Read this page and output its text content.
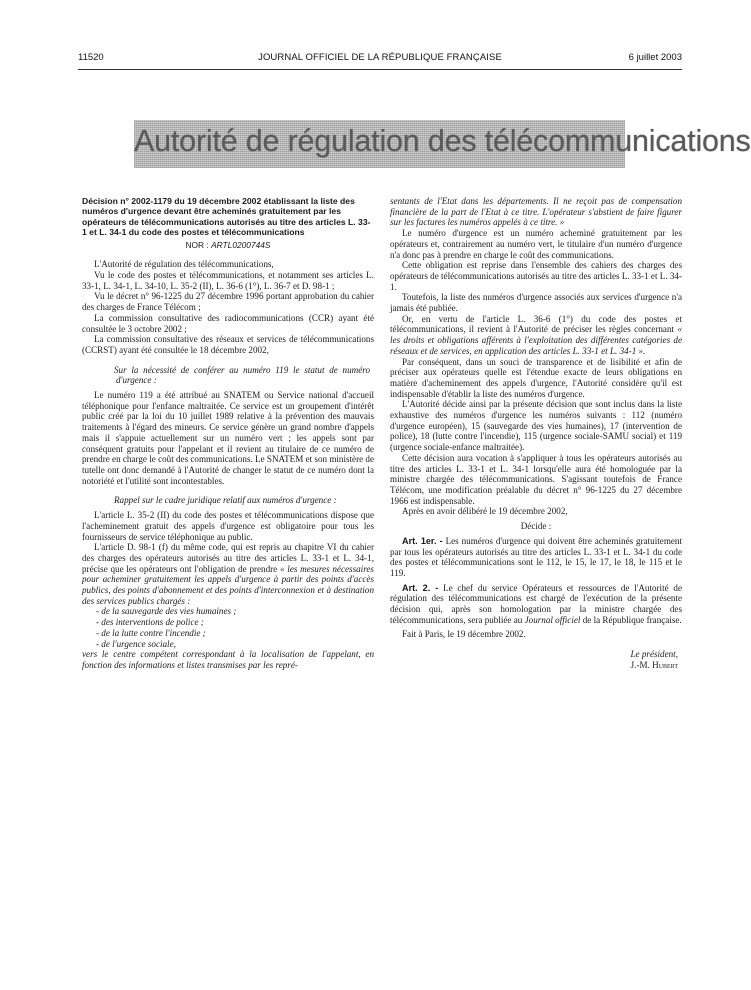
11520	JOURNAL OFFICIEL DE LA RÉPUBLIQUE FRANÇAISE	6 juillet 2003
Autorité de régulation des télécommunications
Décision n° 2002-1179 du 19 décembre 2002 établissant la liste des numéros d'urgence devant être acheminés gratuitement par les opérateurs de télécommunications autorisés au titre des articles L. 33-1 et L. 34-1 du code des postes et télécommunications
NOR : ARTL0200744S

L'Autorité de régulation des télécommunications,

Vu le code des postes et télécommunications, et notamment ses articles L. 33-1, L. 34-1, L. 34-10, L. 35-2 (II), L. 36-6 (1°), L. 36-7 et D. 98-1 ;

Vu le décret n° 96-1225 du 27 décembre 1996 portant approbation du cahier des charges de France Télécom ;

La commission consultative des radiocommunications (CCR) ayant été consultée le 3 octobre 2002 ;

La commission consultative des réseaux et services de télécommunications (CCRST) ayant été consultée le 18 décembre 2002,

Sur la nécessité de conférer au numéro 119 le statut de numéro d'urgence :

Le numéro 119 a été attribué au SNATEM ou Service national d'accueil téléphonique pour l'enfance maltraitée. Ce service est un groupement d'intérêt public créé par la loi du 10 juillet 1989 relative à la prévention des mauvais traitements à l'égard des mineurs. Ce service génère un grand nombre d'appels mais il s'appuie actuellement sur un numéro vert ; les appels sont par conséquent gratuits pour l'appelant et il revient au titulaire de ce numéro de prendre en charge le coût des communications. Le SNATEM et son ministère de tutelle ont donc demandé à l'Autorité de changer le statut de ce numéro dont la notoriété et l'utilité sont incontestables.

Rappel sur le cadre juridique relatif aux numéros d'urgence :

L'article L. 35-2 (II) du code des postes et télécommunications dispose que l'acheminement gratuit des appels d'urgence est obligatoire pour tous les fournisseurs de service téléphonique au public.

L'article D. 98-1 (f) du même code, qui est repris au chapitre VI du cahier des charges des opérateurs autorisés au titre des articles L. 33-1 et L. 34-1, précise que les opérateurs ont l'obligation de prendre « les mesures nécessaires pour acheminer gratuitement les appels d'urgence à partir des points d'accès publics, des points d'abonnement et des points d'interconnexion et à destination des services publics chargés :

- de la sauvegarde des vies humaines ;

- des interventions de police ;

- de la lutte contre l'incendie ;

- de l'urgence sociale,

vers le centre compétent correspondant à la localisation de l'appelant, en fonction des informations et listes transmises par les repré-

sentants de l'Etat dans les départements. Il ne reçoit pas de compensation financière de la part de l'Etat à ce titre. L'opérateur s'abstient de faire figurer sur les factures les numéros appelés à ce titre. »

Le numéro d'urgence est un numéro acheminé gratuitement par les opérateurs et, contrairement au numéro vert, le titulaire d'un numéro d'urgence n'a donc pas à prendre en charge le coût des communications.

Cette obligation est reprise dans l'ensemble des cahiers des charges des opérateurs de télécommunications autorisés au titre des articles L. 33-1 et L. 34-1.

Toutefois, la liste des numéros d'urgence associés aux services d'urgence n'a jamais été publiée.

Or, en vertu de l'article L. 36-6 (1°) du code des postes et télécommunications, il revient à l'Autorité de préciser les règles concernant « les droits et obligations afférents à l'exploitation des différentes catégories de réseaux et de services, en application des articles L. 33-1 et L. 34-1 ».

Par conséquent, dans un souci de transparence et de lisibilité et afin de préciser aux opérateurs quelle est l'étendue exacte de leurs obligations en matière d'acheminement des appels d'urgence, l'Autorité considère qu'il est indispensable d'établir la liste des numéros d'urgence.

L'Autorité décide ainsi par la présente décision que sont inclus dans la liste exhaustive des numéros d'urgence les numéros suivants : 112 (numéro d'urgence européen), 15 (sauvegarde des vies humaines), 17 (intervention de police), 18 (lutte contre l'incendie), 115 (urgence sociale-SAMU social) et 119 (urgence sociale-enfance maltraitée).

Cette décision aura vocation à s'appliquer à tous les opérateurs autorisés au titre des articles L. 33-1 et L. 34-1 lorsqu'elle aura été homologuée par la ministre chargée des télécommunications. S'agissant toutefois de France Télécom, une modification préalable du décret n° 96-1225 du 27 décembre 1966 est indispensable.

Après en avoir délibéré le 19 décembre 2002,

Décide :

Art. 1er. - Les numéros d'urgence qui doivent être acheminés gratuitement par tous les opérateurs autorisés au titre des articles L. 33-1 et L. 34-1 du code des postes et télécommunications sont le 112, le 15, le 17, le 18, le 115 et le 119.

Art. 2. - Le chef du service Opérateurs et ressources de l'Autorité de régulation des télécommunications est chargé de l'exécution de la présente décision qui, après son homologation par la ministre chargée des télécommunications, sera publiée au Journal officiel de la République française.

Fait à Paris, le 19 décembre 2002.

Le président,

J.-M. Hubert
